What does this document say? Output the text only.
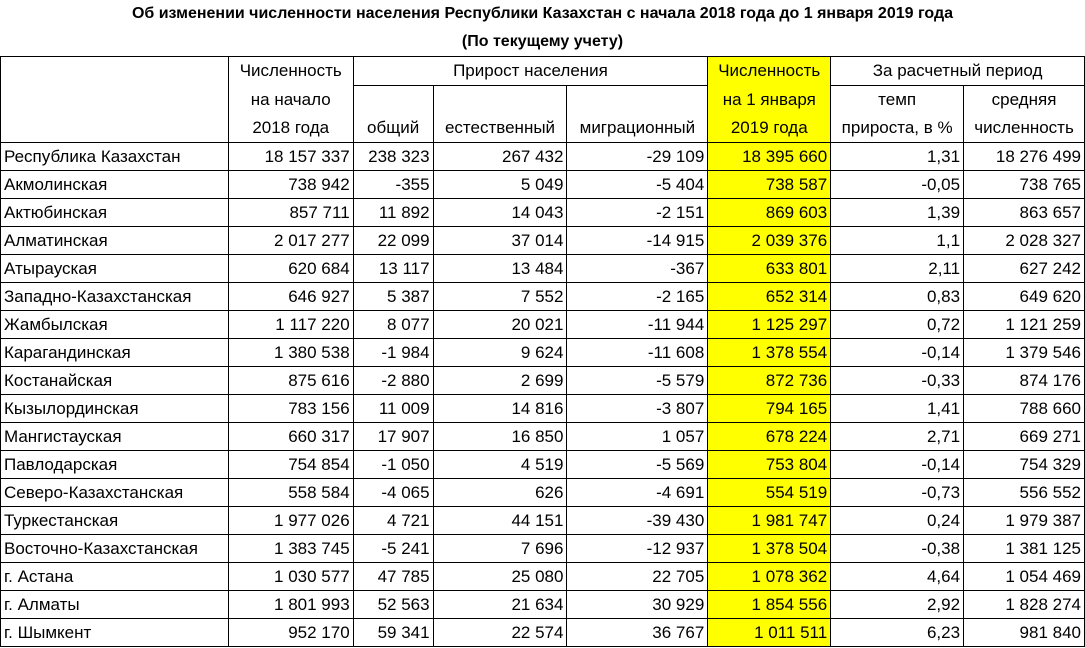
Об изменении численности населения Республики Казахстан с начала 2018 года до 1 января 2019 года
(По текущему учету)
	Численность	Прирост населения			Численность	За расчетный период	
	на начало				на 1 января	темп	средняя
	2018 года	общий	естественный	миграционный	2019 года	прироста, в %	численность
Республика Казахстан	18 157 337	238 323	267 432	-29 109	18 395 660	1,31	18 276 499
Акмолинская	738 942	-355	5 049	-5 404	738 587	-0,05	738 765
Актюбинская	857 711	11 892	14 043	-2 151	869 603	1,39	863 657
Алматинская	2 017 277	22 099	37 014	-14 915	2 039 376	1,1	2 028 327
Атырауская	620 684	13 117	13 484	-367	633 801	2,11	627 242
Западно-Казахстанская	646 927	5 387	7 552	-2 165	652 314	0,83	649 620
Жамбылская	1 117 220	8 077	20 021	-11 944	1 125 297	0,72	1 121 259
Карагандинская	1 380 538	-1 984	9 624	-11 608	1 378 554	-0,14	1 379 546
Костанайская	875 616	-2 880	2 699	-5 579	872 736	-0,33	874 176
Кызылординская	783 156	11 009	14 816	-3 807	794 165	1,41	788 660
Мангистауская	660 317	17 907	16 850	1 057	678 224	2,71	669 271
Павлодарская	754 854	-1 050	4 519	-5 569	753 804	-0,14	754 329
Северо-Казахстанская	558 584	-4 065	626	-4 691	554 519	-0,73	556 552
Туркестанская	1 977 026	4 721	44 151	-39 430	1 981 747	0,24	1 979 387
Восточно-Казахстанская	1 383 745	-5 241	7 696	-12 937	1 378 504	-0,38	1 381 125
г. Астана	1 030 577	47 785	25 080	22 705	1 078 362	4,64	1 054 469
г. Алматы	1 801 993	52 563	21 634	30 929	1 854 556	2,92	1 828 274
г. Шымкент	952 170	59 341	22 574	36 767	1 011 511	6,23	981 840
